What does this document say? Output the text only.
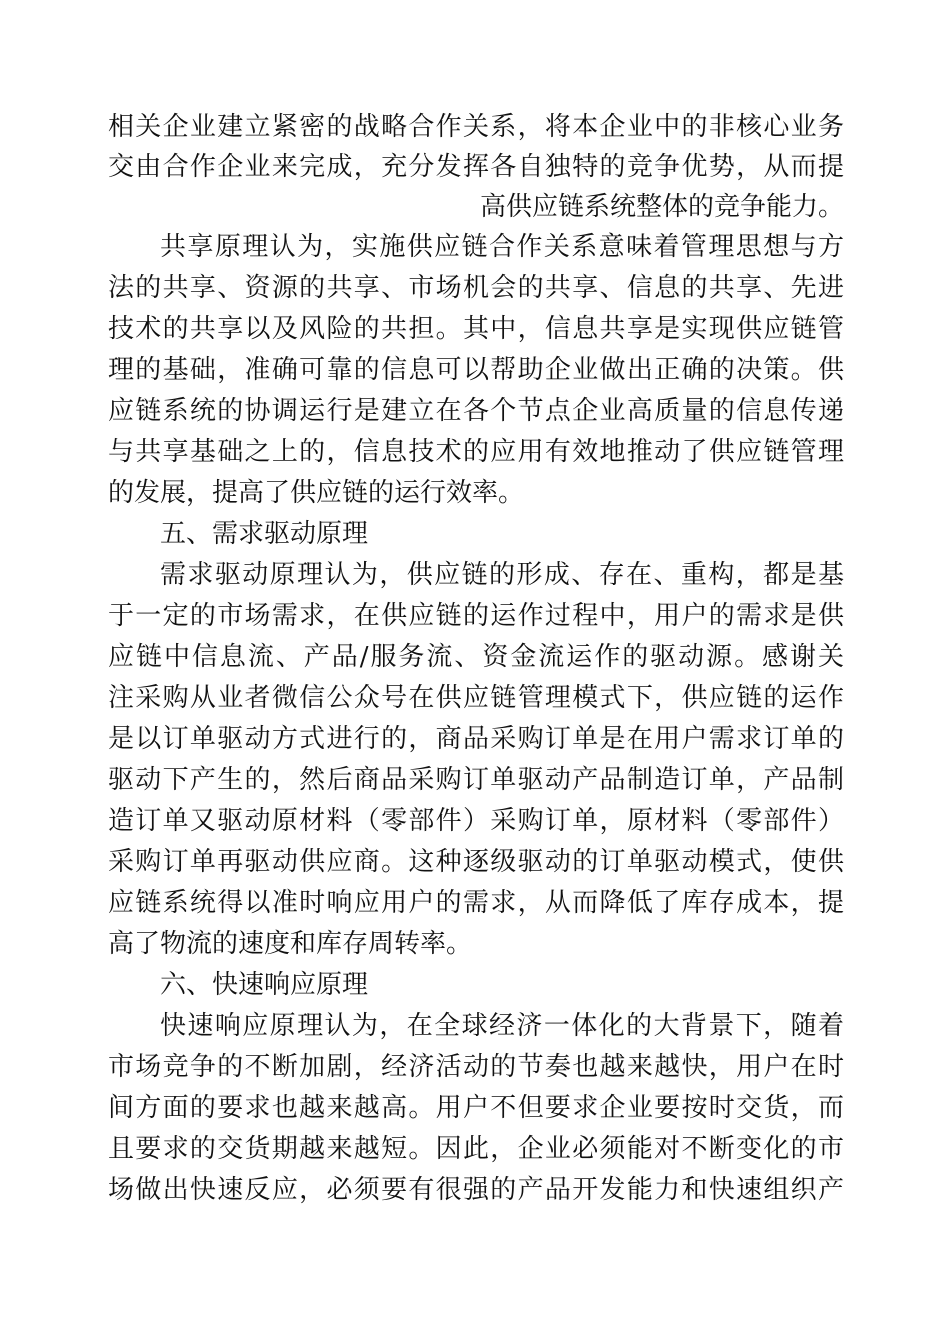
相关企业建立紧密的战略合作关系，将本企业中的非核心业务
交由合作企业来完成，充分发挥各自独特的竞争优势，从而提
高供应链系统整体的竞争能力。
共享原理认为，实施供应链合作关系意味着管理思想与方
法的共享、资源的共享、市场机会的共享、信息的共享、先进
技术的共享以及风险的共担。其中，信息共享是实现供应链管
理的基础，准确可靠的信息可以帮助企业做出正确的决策。供
应链系统的协调运行是建立在各个节点企业高质量的信息传递
与共享基础之上的，信息技术的应用有效地推动了供应链管理
的发展，提高了供应链的运行效率。
五、需求驱动原理
需求驱动原理认为，供应链的形成、存在、重构，都是基
于一定的市场需求，在供应链的运作过程中，用户的需求是供
应链中信息流、产品/服务流、资金流运作的驱动源。感谢关
注采购从业者微信公众号在供应链管理模式下，供应链的运作
是以订单驱动方式进行的，商品采购订单是在用户需求订单的
驱动下产生的，然后商品采购订单驱动产品制造订单，产品制
造订单又驱动原材料（零部件）采购订单，原材料（零部件）
采购订单再驱动供应商。这种逐级驱动的订单驱动模式，使供
应链系统得以准时响应用户的需求，从而降低了库存成本，提
高了物流的速度和库存周转率。
六、快速响应原理
快速响应原理认为，在全球经济一体化的大背景下，随着
市场竞争的不断加剧，经济活动的节奏也越来越快，用户在时
间方面的要求也越来越高。用户不但要求企业要按时交货，而
且要求的交货期越来越短。因此，企业必须能对不断变化的市
场做出快速反应，必须要有很强的产品开发能力和快速组织产
